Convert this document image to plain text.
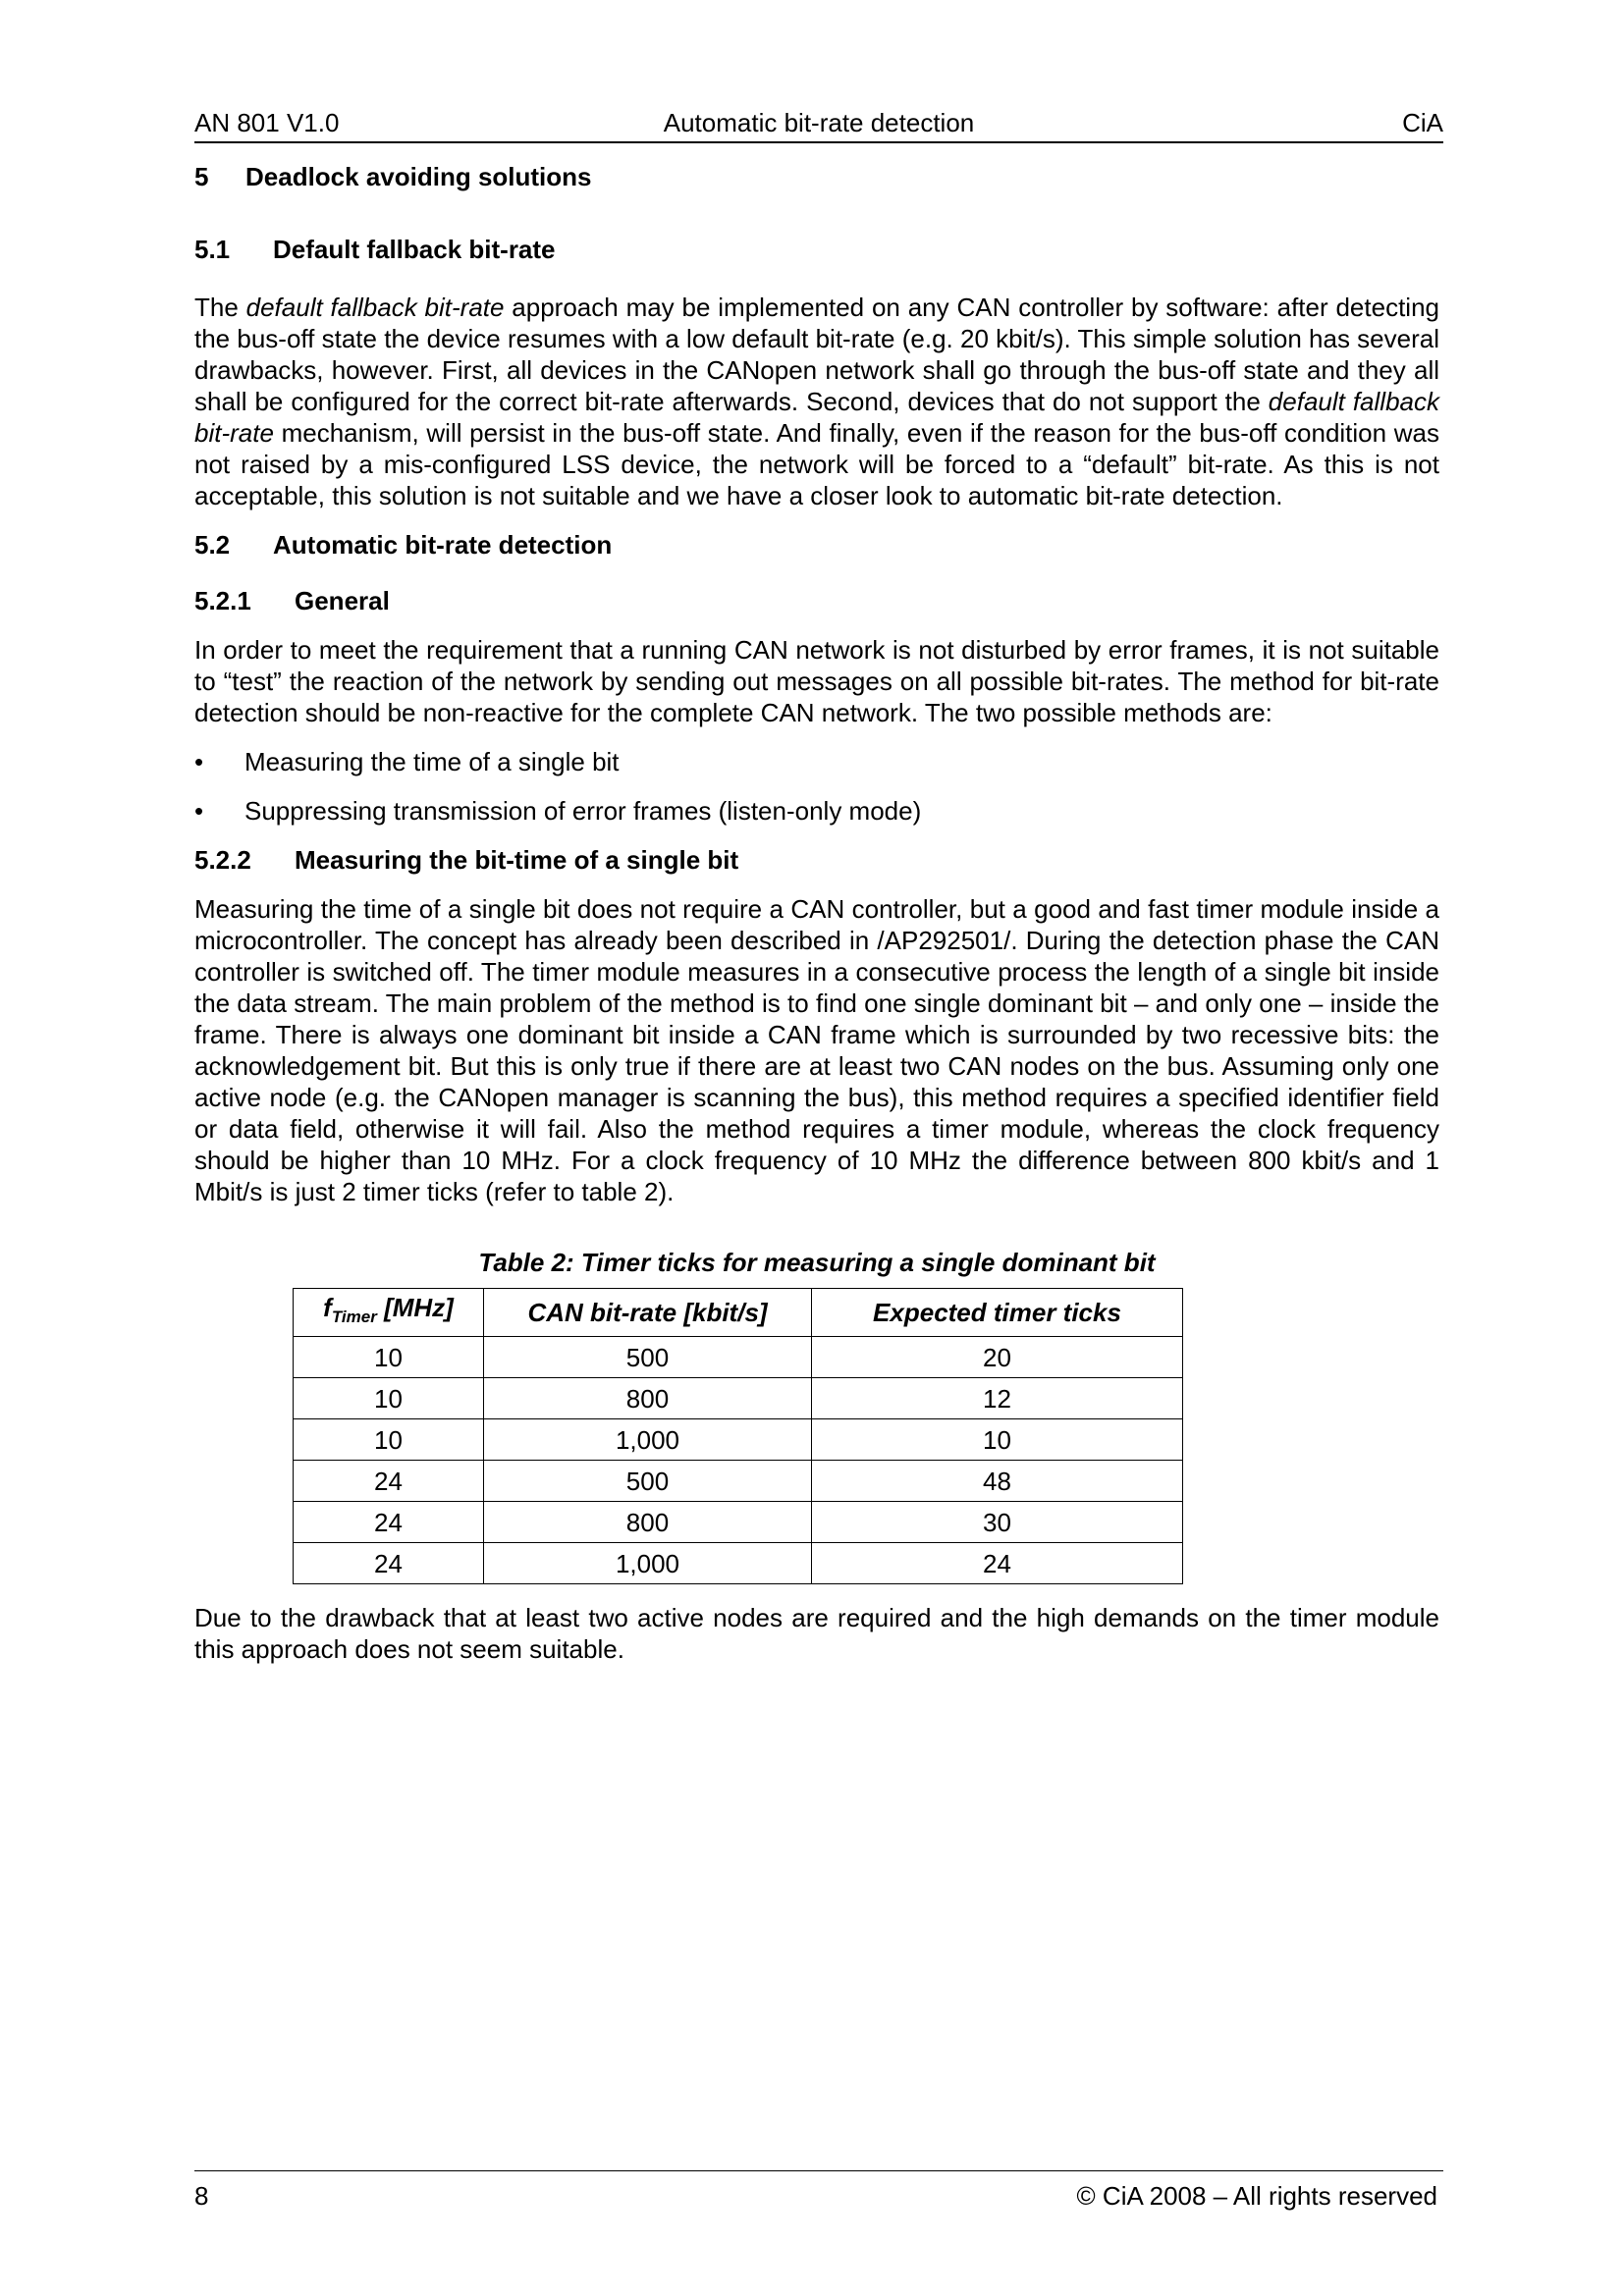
AN 801 V1.0	Automatic bit-rate detection	CiA
5	Deadlock avoiding solutions
5.1	Default fallback bit-rate

The default fallback bit-rate approach may be implemented on any CAN controller by software: after detecting the bus-off state the device resumes with a low default bit-rate (e.g. 20 kbit/s). This simple solution has several drawbacks, however. First, all devices in the CANopen network shall go through the bus-off state and they all shall be configured for the correct bit-rate afterwards. Second, devices that do not support the default fallback bit-rate mechanism, will persist in the bus-off state. And finally, even if the reason for the bus-off condition was not raised by a mis-configured LSS device, the network will be forced to a “default” bit-rate. As this is not acceptable, this solution is not suitable and we have a closer look to automatic bit-rate detection.

5.2	Automatic bit-rate detection
5.2.1	General

In order to meet the requirement that a running CAN network is not disturbed by error frames, it is not suitable to “test” the reaction of the network by sending out messages on all possible bit-rates. The method for bit-rate detection should be non-reactive for the complete CAN network. The two possible methods are:

• Measuring the time of a single bit
• Suppressing transmission of error frames (listen-only mode)
5.2.2	Measuring the bit-time of a single bit

Measuring the time of a single bit does not require a CAN controller, but a good and fast timer module inside a microcontroller. The concept has already been described in /AP292501/. During the detection phase the CAN controller is switched off. The timer module measures in a consecutive process the length of a single bit inside the data stream. The main problem of the method is to find one single dominant bit – and only one – inside the frame. There is always one dominant bit inside a CAN frame which is surrounded by two recessive bits: the acknowledgement bit. But this is only true if there are at least two CAN nodes on the bus. Assuming only one active node (e.g. the CANopen manager is scanning the bus), this method requires a specified identifier field or data field, otherwise it will fail. Also the method requires a timer module, whereas the clock frequency should be higher than 10 MHz. For a clock frequency of 10 MHz the difference between 800 kbit/s and 1 Mbit/s is just 2 timer ticks (refer to table 2).

Table 2: Timer ticks for measuring a single dominant bit

$f_{Timer}$ [MHz]	CAN bit-rate [kbit/s]	Expected timer ticks
10	500	20
10	800	12
10	1,000	10
24	500	48
24	800	30
24	1,000	24

Due to the drawback that at least two active nodes are required and the high demands on the timer module this approach does not seem suitable.

8	© CiA 2008 – All rights reserved
